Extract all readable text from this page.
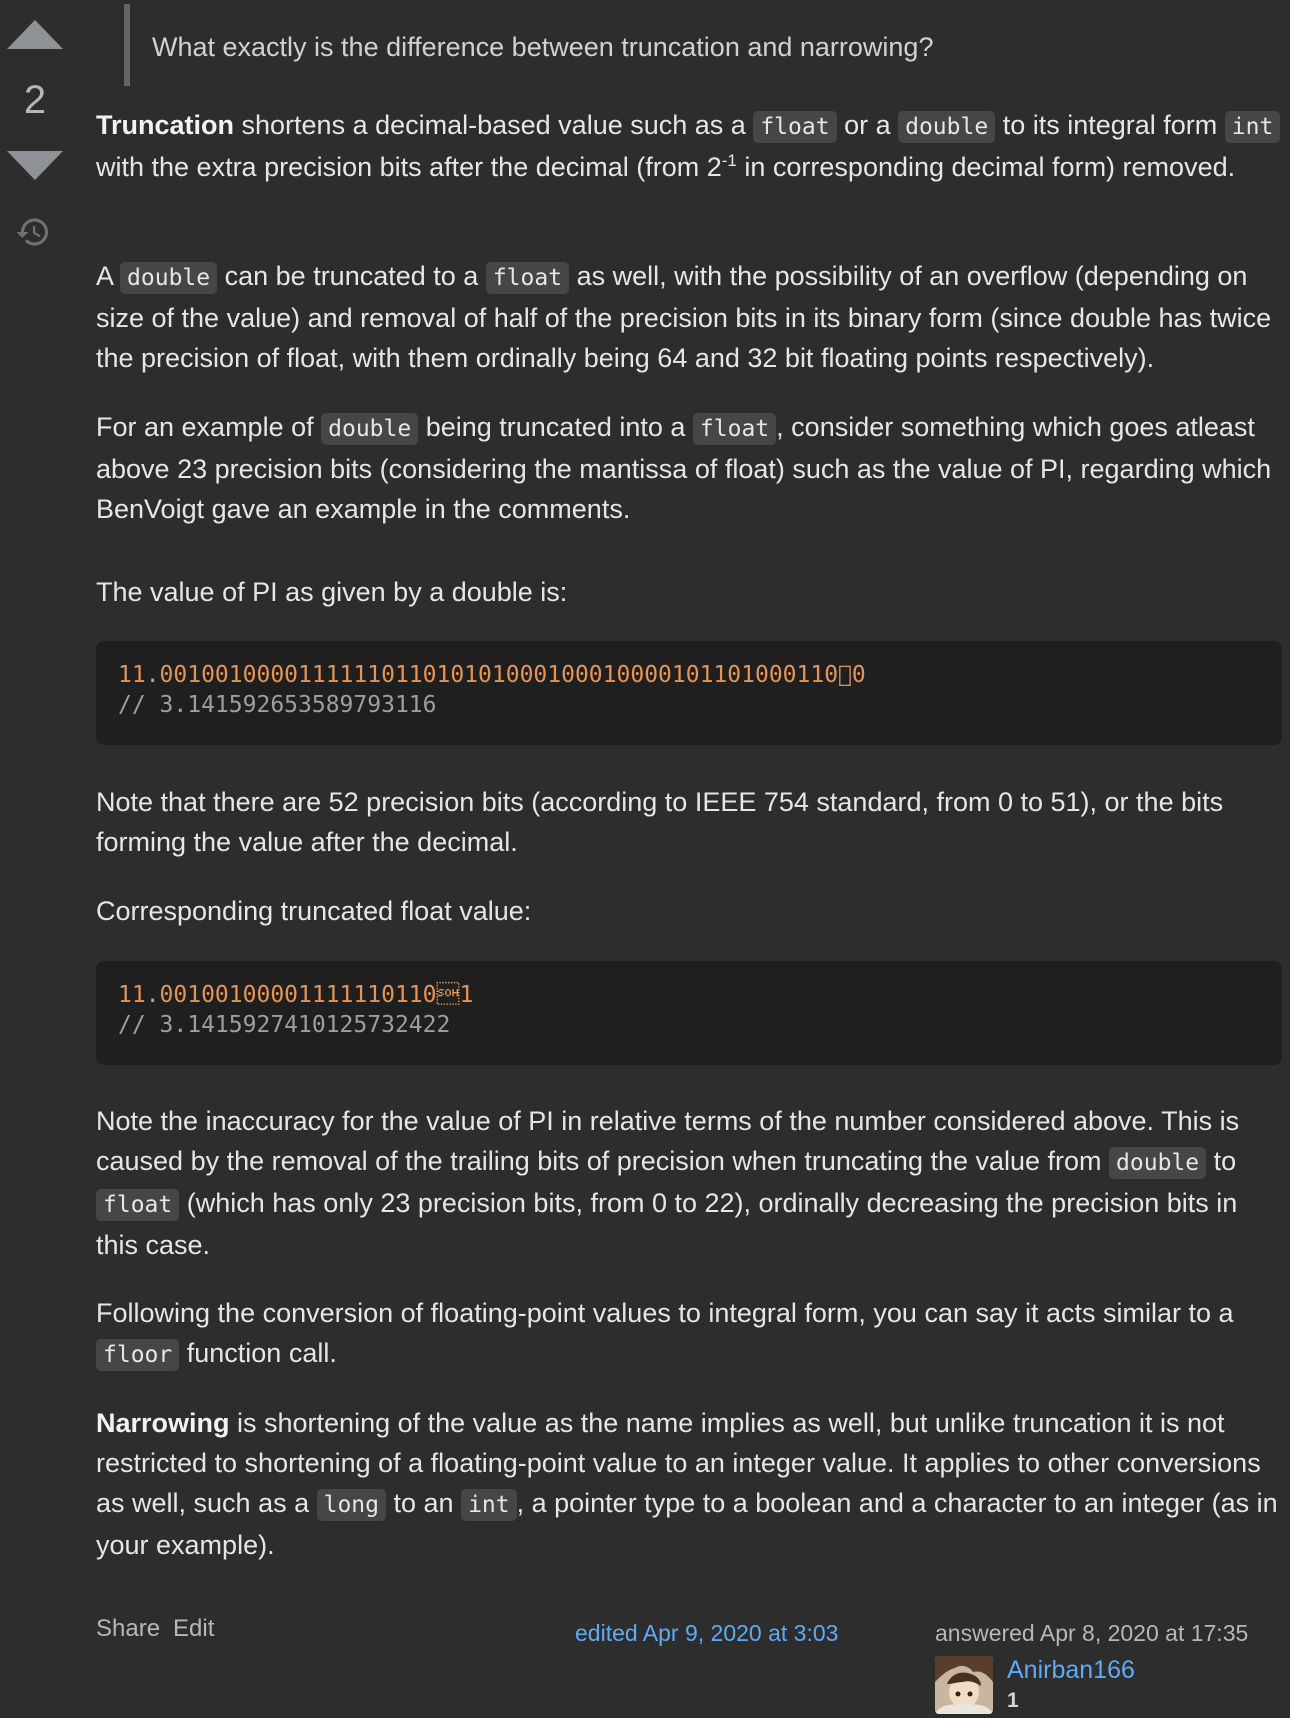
2

What exactly is the difference between truncation and narrowing?

Truncation shortens a decimal-based value such as a float or a double to its integral form int with the extra precision bits after the decimal (from $2^{-1}$ in corresponding decimal form) removed.

A double can be truncated to a float as well, with the possibility of an overflow (depending on size of the value) and removal of half of the precision bits in its binary form (since double has twice the precision of float, with them ordinally being 64 and 32 bit floating points respectively).

For an example of double being truncated into a float , consider something which goes atleast above 23 precision bits (considering the mantissa of float) such as the value of PI, regarding which BenVoigt gave an example in the comments.

The value of PI as given by a double is:

11.0010010000111111011010101000100010000101101000110 0
// 3.141592653589793116

Note that there are 52 precision bits (according to IEEE 754 standard, from 0 to 51), or the bits forming the value after the decimal.

Corresponding truncated float value:

11.001001000011111101101
// 3.1415927410125732422

Note the inaccuracy for the value of PI in relative terms of the number considered above. This is caused by the removal of the trailing bits of precision when truncating the value from double to float (which has only 23 precision bits, from 0 to 22), ordinally decreasing the precision bits in this case.

Following the conversion of floating-point values to integral form, you can say it acts similar to a floor function call.

Narrowing is shortening of the value as the name implies as well, but unlike truncation it is not restricted to shortening of a floating-point value to an integer value. It applies to other conversions as well, such as a long to an int , a pointer type to a boolean and a character to an integer (as in your example).

Share Edit	edited Apr 9, 2020 at 3:03	answered Apr 8, 2020 at 17:35
Anirban166
1
